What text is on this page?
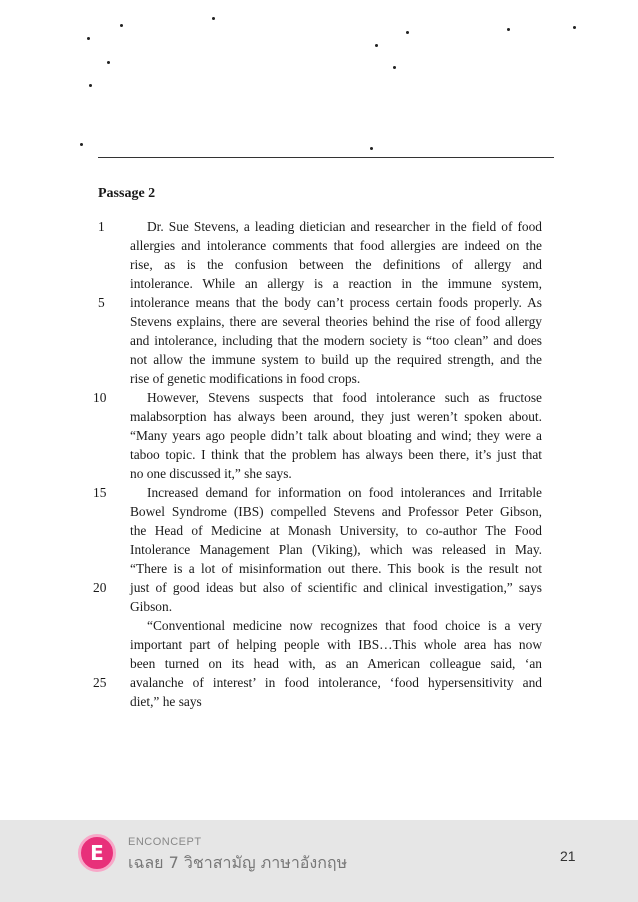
Passage 2
1
5
10
15
20
25
Dr. Sue Stevens, a leading dietician and researcher in the field of food
allergies and intolerance comments that food allergies are indeed on the
rise, as is the confusion between the definitions of allergy and
intolerance. While an allergy is a reaction in the immune system,
intolerance means that the body can’t process certain foods properly. As
Stevens explains, there are several theories behind the rise of food allergy
and intolerance, including that the modern society is “too clean” and does
not allow the immune system to build up the required strength, and the
rise of genetic modifications in food crops.
However, Stevens suspects that food intolerance such as fructose
malabsorption has always been around, they just weren’t spoken about.
“Many years ago people didn’t talk about bloating and wind; they were a
taboo topic. I think that the problem has always been there, it’s just that
no one discussed it,” she says.
Increased demand for information on food intolerances and Irritable
Bowel Syndrome (IBS) compelled Stevens and Professor Peter Gibson,
the Head of Medicine at Monash University, to co-author The Food
Intolerance Management Plan (Viking), which was released in May.
“There is a lot of misinformation out there. This book is the result not
just of good ideas but also of scientific and clinical investigation,” says
Gibson.
“Conventional medicine now recognizes that food choice is a very
important part of helping people with IBS…This whole area has now
been turned on its head with, as an American colleague said, ‘an
avalanche of interest’ in food intolerance, ‘food hypersensitivity and
diet,” he says
E	ENCONCEPT
เฉลย 7 วิชาสามัญ ภาษาอังกฤษ	21
